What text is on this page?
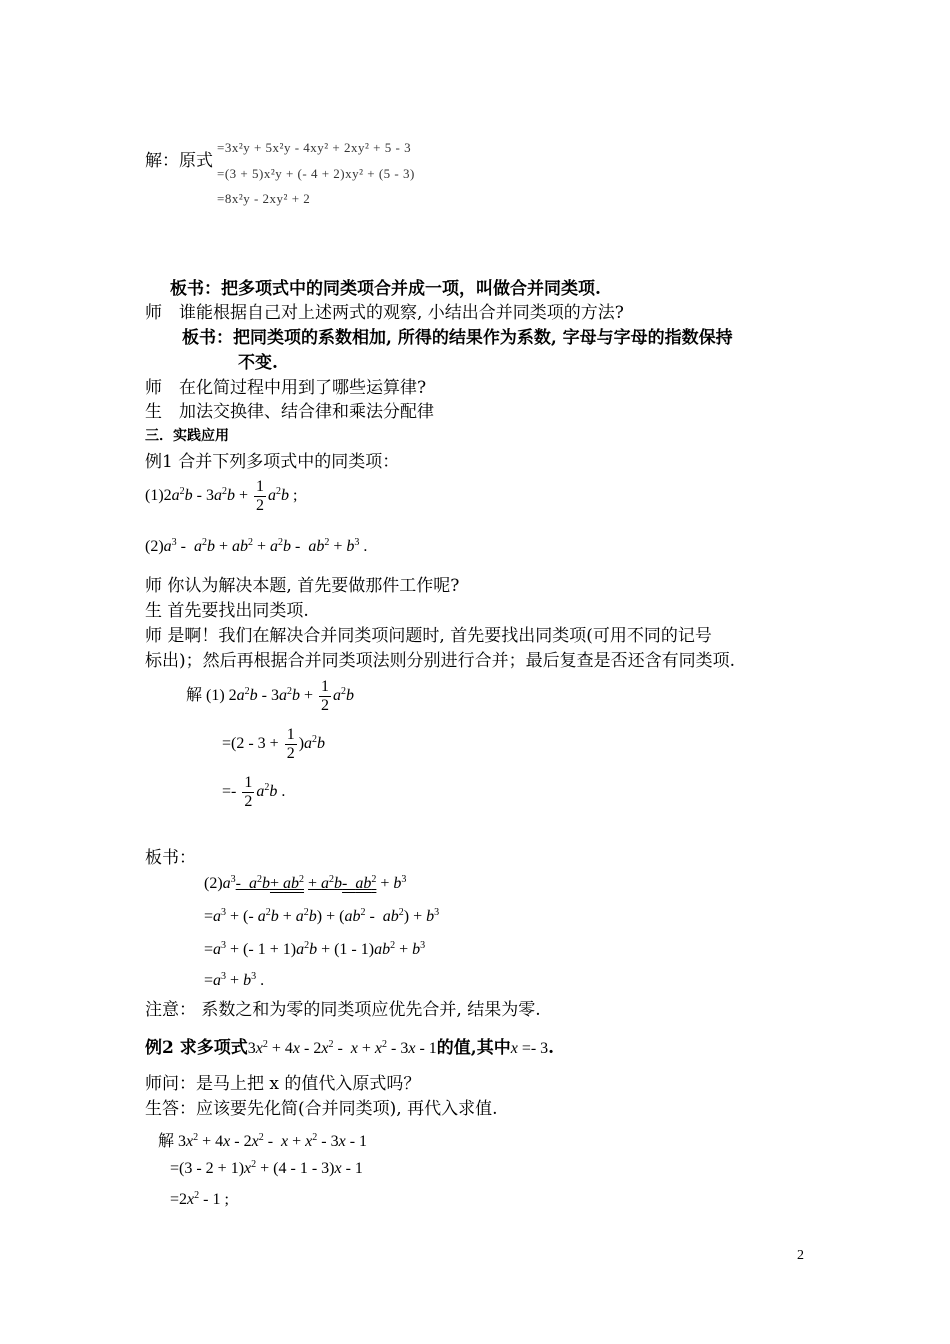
解：原式
=3x²y + 5x²y - 4xy² + 2xy² + 5 - 3
=(3 + 5)x²y + (- 4 + 2)xy² + (5 - 3)
=8x²y - 2xy² + 2
板书：把多项式中的同类项合并成一项，叫做合并同类项.
师　谁能根据自己对上述两式的观察, 小结出合并同类项的方法?
板书：把同类项的系数相加, 所得的结果作为系数, 字母与字母的指数保持
不变.
师　在化简过程中用到了哪些运算律?
生　加法交换律、结合律和乘法分配律
三．实践应用
例1 合并下列多项式中的同类项：
$(1)2a^2b - 3a^2b + \frac{1}{2} a^2b$ ;
$(2)a^3 - a^2b + ab^2 + a^2b - ab^2 + b^3$ .
师 你认为解决本题, 首先要做那件工作呢?
生 首先要找出同类项.
师 是啊！我们在解决合并同类项问题时, 首先要找出同类项(可用不同的记号
标出)；然后再根据合并同类项法则分别进行合并；最后复查是否还含有同类项.
解 (1) $2a^2b - 3a^2b + \frac{1}{2} a^2b$
$=(2 - 3 + \frac{1}{2} )a^2b$
=- $\frac{1}{2} a^2b$ .
板书：
$(2)a^3-$  $a^2b+ ab^2 + a^2b-$  $ab^2 + b^3$
$=a^3$ + (- $a^2b + a^2b) + (ab^2 - ab^2) + b^3$
$=a^3$ + (- $1 + 1)a^2b + (1 - 1)ab^2 + b^3$
$=a^3 + b^3$ .
注意： 系数之和为零的同类项应优先合并, 结果为零.
例2 求多项式$3x^2 + 4x - 2x^2 - x + x^2 - 3x - 1$的值,其中x =- 3.
师问：是马上把 x 的值代入原式吗？
生答：应该要先化简(合并同类项), 再代入求值.
解 $3x^2 + 4x - 2x^2 - x + x^2 - 3x - 1$
$=(3 - 2 + 1)x^2 + (4 - 1 - 3)x - 1$
$=2x^2 - 1$ ;
2
